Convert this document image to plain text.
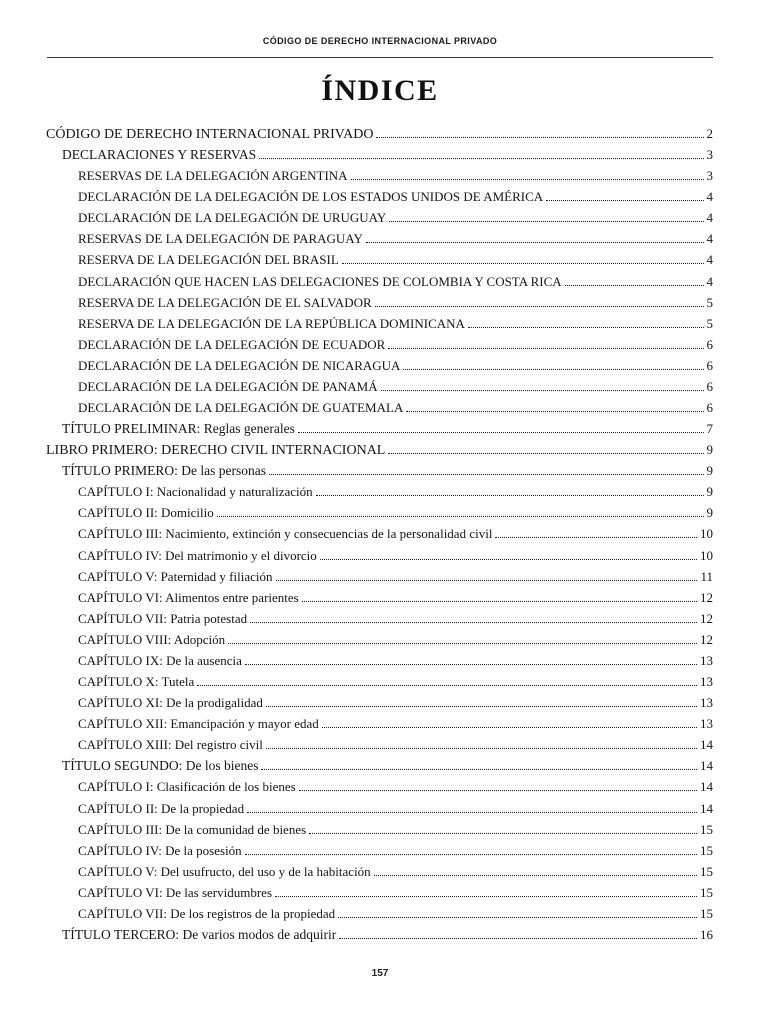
CÓDIGO DE DERECHO INTERNACIONAL PRIVADO
ÍNDICE
CÓDIGO DE DERECHO INTERNACIONAL PRIVADO	2
DECLARACIONES Y RESERVAS	3
RESERVAS DE LA DELEGACIÓN ARGENTINA	3
DECLARACIÓN DE LA DELEGACIÓN DE LOS ESTADOS UNIDOS DE AMÉRICA	4
DECLARACIÓN DE LA DELEGACIÓN DE URUGUAY	4
RESERVAS DE LA DELEGACIÓN DE PARAGUAY	4
RESERVA DE LA DELEGACIÓN DEL BRASIL	4
DECLARACIÓN QUE HACEN LAS DELEGACIONES DE COLOMBIA Y COSTA RICA	4
RESERVA DE LA DELEGACIÓN DE EL SALVADOR	5
RESERVA DE LA DELEGACIÓN DE LA REPÚBLICA DOMINICANA	5
DECLARACIÓN DE LA DELEGACIÓN DE ECUADOR	6
DECLARACIÓN DE LA DELEGACIÓN DE NICARAGUA	6
DECLARACIÓN DE LA DELEGACIÓN DE PANAMÁ	6
DECLARACIÓN DE LA DELEGACIÓN DE GUATEMALA	6
TÍTULO PRELIMINAR: Reglas generales	7
LIBRO PRIMERO: DERECHO CIVIL INTERNACIONAL	9
TÍTULO PRIMERO: De las personas	9
CAPÍTULO I: Nacionalidad y naturalización	9
CAPÍTULO II: Domicilio	9
CAPÍTULO III: Nacimiento, extinción y consecuencias de la personalidad civil	10
CAPÍTULO IV: Del matrimonio y el divorcio	10
CAPÍTULO V: Paternidad y filiación	11
CAPÍTULO VI: Alimentos entre parientes	12
CAPÍTULO VII: Patria potestad	12
CAPÍTULO VIII: Adopción	12
CAPÍTULO IX: De la ausencia	13
CAPÍTULO X: Tutela	13
CAPÍTULO XI: De la prodigalidad	13
CAPÍTULO XII: Emancipación y mayor edad	13
CAPÍTULO XIII: Del registro civil	14
TÍTULO SEGUNDO: De los bienes	14
CAPÍTULO I: Clasificación de los bienes	14
CAPÍTULO II: De la propiedad	14
CAPÍTULO III: De la comunidad de bienes	15
CAPÍTULO IV: De la posesión	15
CAPÍTULO V: Del usufructo, del uso y de la habitación	15
CAPÍTULO VI: De las servidumbres	15
CAPÍTULO VII: De los registros de la propiedad	15
TÍTULO TERCERO: De varios modos de adquirir	16
157
